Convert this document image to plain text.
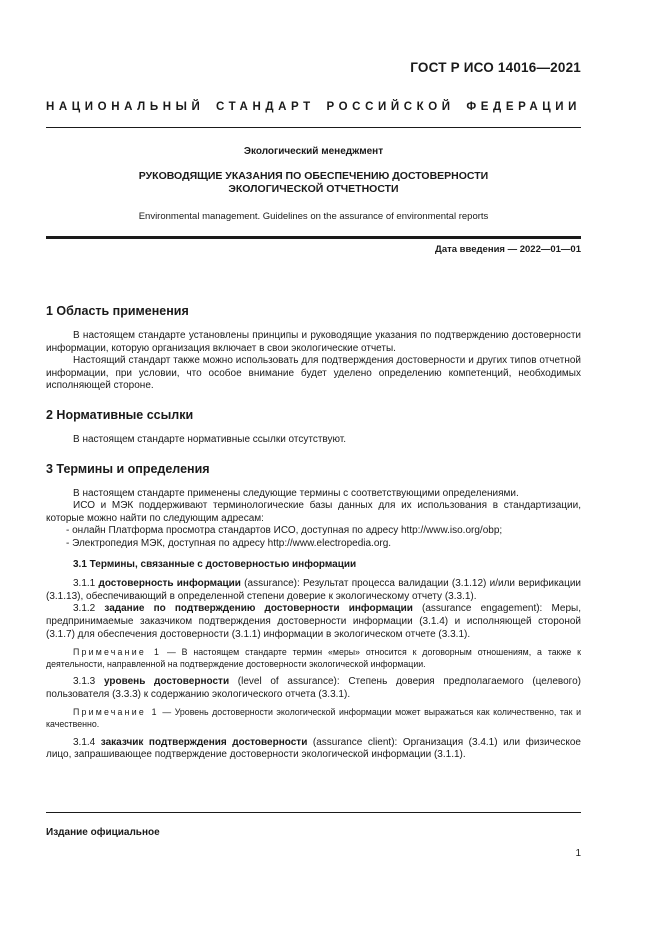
ГОСТ Р ИСО 14016—2021
НАЦИОНАЛЬНЫЙ СТАНДАРТ РОССИЙСКОЙ ФЕДЕРАЦИИ
Экологический менеджмент
РУКОВОДЯЩИЕ УКАЗАНИЯ ПО ОБЕСПЕЧЕНИЮ ДОСТОВЕРНОСТИ
ЭКОЛОГИЧЕСКОЙ ОТЧЕТНОСТИ
Environmental management. Guidelines on the assurance of environmental reports
Дата введения — 2022—01—01
1 Область применения

В настоящем стандарте установлены принципы и руководящие указания по подтверждению достоверности информации, которую организация включает в свои экологические отчеты.

Настоящий стандарт также можно использовать для подтверждения достоверности и других типов отчетной информации, при условии, что особое внимание будет уделено определению компетенций, необходимых исполняющей стороне.

2 Нормативные ссылки

В настоящем стандарте нормативные ссылки отсутствуют.

3 Термины и определения

В настоящем стандарте применены следующие термины с соответствующими определениями.

ИСО и МЭК поддерживают терминологические базы данных для их использования в стандартизации, которые можно найти по следующим адресам:

- онлайн Платформа просмотра стандартов ИСО, доступная по адресу http://www.iso.org/obp;
- Электропедия МЭК, доступная по адресу http://www.electropedia.org.
3.1 Термины, связанные с достоверностью информации

3.1.1 достоверность информации (assurance): Результат процесса валидации (3.1.12) и/или верификации (3.1.13), обеспечивающий в определенной степени доверие к экологическому отчету (3.3.1).

3.1.2 задание по подтверждению достоверности информации (assurance engagement): Меры, предпринимаемые заказчиком подтверждения достоверности информации (3.1.4) и исполняющей стороной (3.1.7) для обеспечения достоверности (3.1.1) информации в экологическом отчете (3.3.1).

Примечание 1 — В настоящем стандарте термин «меры» относится к договорным отношениям, а также к деятельности, направленной на подтверждение достоверности экологической информации.

3.1.3 уровень достоверности (level of assurance): Степень доверия предполагаемого (целевого) пользователя (3.3.3) к содержанию экологического отчета (3.3.1).

Примечание 1 — Уровень достоверности экологической информации может выражаться как количественно, так и качественно.

3.1.4 заказчик подтверждения достоверности (assurance client): Организация (3.4.1) или физическое лицо, запрашивающее подтверждение достоверности экологической информации (3.1.1).

Издание официальное
1
